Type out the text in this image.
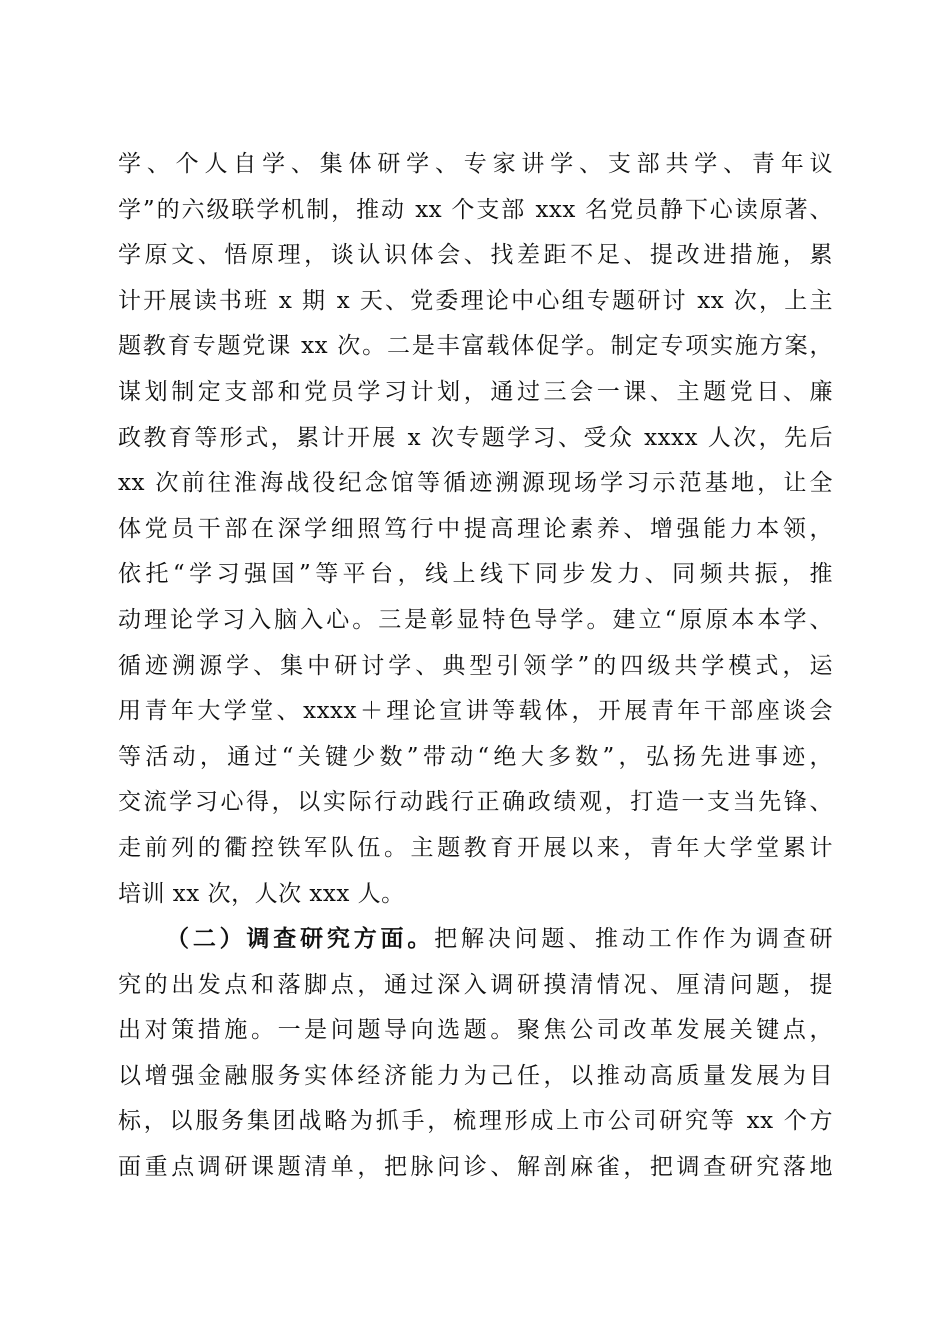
学、个人自学、集体研学、专家讲学、支部共学、青年议
学”的六级联学机制，推动 xx 个支部 xxx 名党员静下心读原著、
学原文、悟原理，谈认识体会、找差距不足、提改进措施，累
计开展读书班 x 期 x 天、党委理论中心组专题研讨 xx 次，上主
题教育专题党课 xx 次。二是丰富载体促学。制定专项实施方案，
谋划制定支部和党员学习计划，通过三会一课、主题党日、廉
政教育等形式，累计开展 x 次专题学习、受众 xxxx 人次，先后
xx 次前往淮海战役纪念馆等循迹溯源现场学习示范基地，让全
体党员干部在深学细照笃行中提高理论素养、增强能力本领，
依托“学习强国”等平台，线上线下同步发力、同频共振，推
动理论学习入脑入心。三是彰显特色导学。建立“原原本本学、
循迹溯源学、集中研讨学、典型引领学”的四级共学模式，运
用青年大学堂、xxxx＋理论宣讲等载体，开展青年干部座谈会
等活动，通过“关键少数”带动“绝大多数”，弘扬先进事迹，
交流学习心得，以实际行动践行正确政绩观，打造一支当先锋、
走前列的衢控铁军队伍。主题教育开展以来，青年大学堂累计
培训 xx 次，人次 xxx 人。
（二）调查研究方面。把解决问题、推动工作作为调查研
究的出发点和落脚点，通过深入调研摸清情况、厘清问题，提
出对策措施。一是问题导向选题。聚焦公司改革发展关键点，
以增强金融服务实体经济能力为己任，以推动高质量发展为目
标，以服务集团战略为抓手，梳理形成上市公司研究等 xx 个方
面重点调研课题清单，把脉问诊、解剖麻雀，把调查研究落地
